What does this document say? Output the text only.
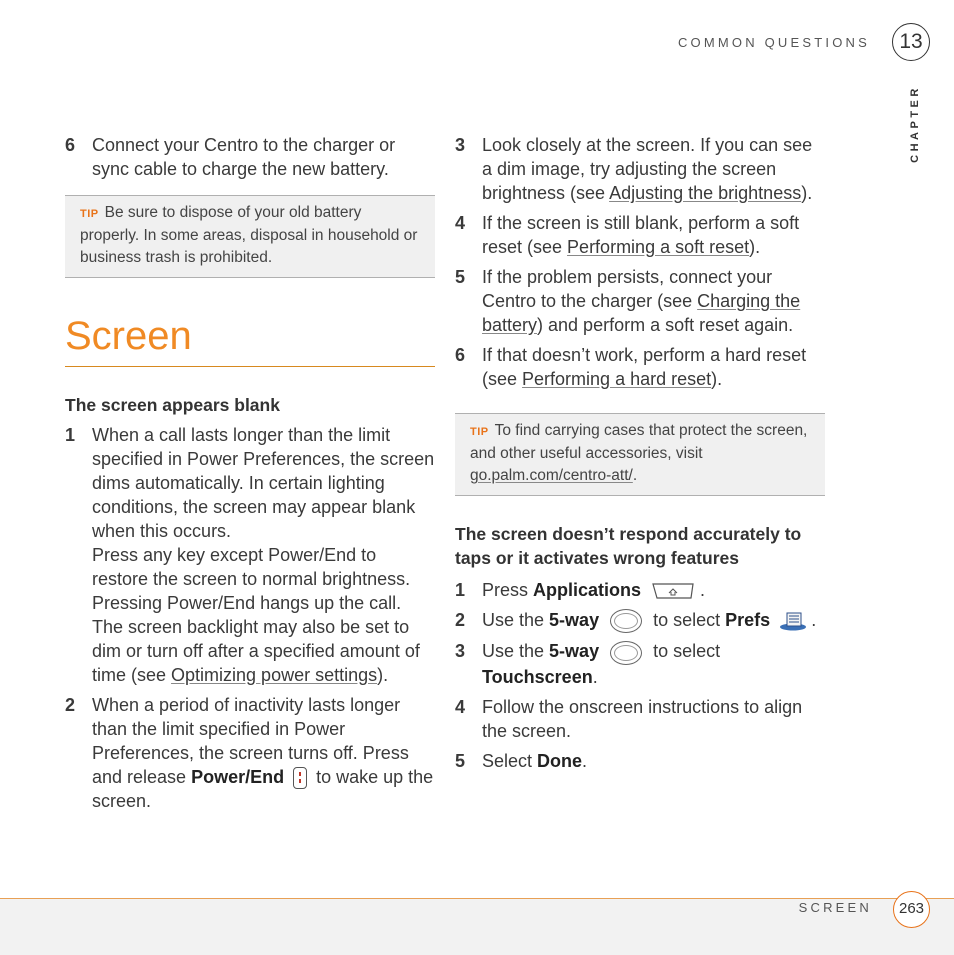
COMMON QUESTIONS	13
CHAPTER
6 Connect your Centro to the charger or sync cable to charge the new battery.
TIP Be sure to dispose of your old battery properly. In some areas, disposal in household or business trash is prohibited.
Screen
The screen appears blank
1 When a call lasts longer than the limit specified in Power Preferences, the screen dims automatically. In certain lighting conditions, the screen may appear blank when this occurs.
Press any key except Power/End to restore the screen to normal brightness. Pressing Power/End hangs up the call. The screen backlight may also be set to dim or turn off after a specified amount of time (see Optimizing power settings).
2 When a period of inactivity lasts longer than the limit specified in Power Preferences, the screen turns off. Press and release Power/End  to wake up the screen.
3 Look closely at the screen. If you can see a dim image, try adjusting the screen brightness (see Adjusting the brightness).
4 If the screen is still blank, perform a soft reset (see Performing a soft reset).
5 If the problem persists, connect your Centro to the charger (see Charging the battery) and perform a soft reset again.
6 If that doesn’t work, perform a hard reset (see Performing a hard reset).
TIP To find carrying cases that protect the screen, and other useful accessories, visit go.palm.com/centro-att/.
The screen doesn’t respond accurately to taps or it activates wrong features
1 Press Applications	.
2 Use the 5-way	to select Prefs .
3 Use the 5-way	to select
Touchscreen.
4 Follow the onscreen instructions to align the screen.
5 Select Done.
SCREEN	263
